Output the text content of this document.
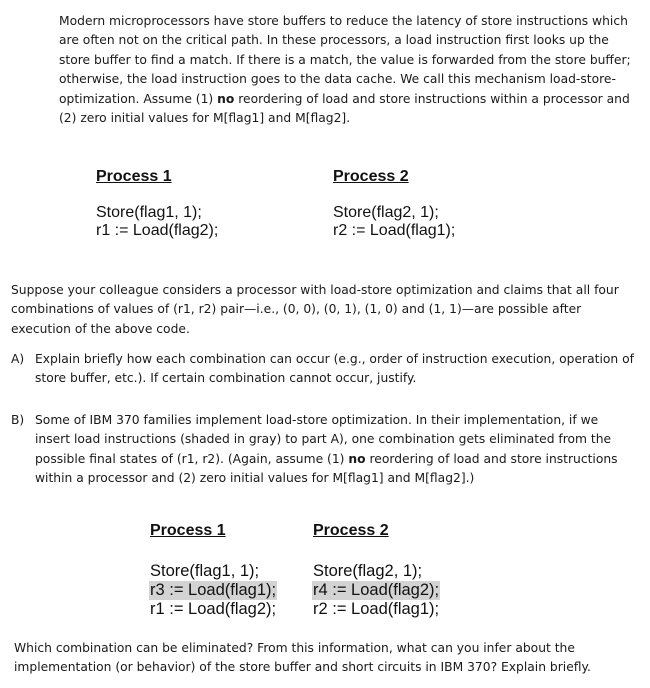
Modern microprocessors have store buffers to reduce the latency of store instructions which are often not on the critical path. In these processors, a load instruction first looks up the store buffer to find a match. If there is a match, the value is forwarded from the store buffer; otherwise, the load instruction goes to the data cache. We call this mechanism load-store-optimization. Assume (1) no reordering of load and store instructions within a processor and (2) zero initial values for M[flag1] and M[flag2].

Process 1
Store(flag1, 1);
r1 := Load(flag2);
Process 2
Store(flag2, 1);
r2 := Load(flag1);

Suppose your colleague considers a processor with load-store optimization and claims that all four combinations of values of (r1, r2) pair—i.e., (0, 0), (0, 1), (1, 0) and (1, 1)—are possible after execution of the above code.

A) Explain briefly how each combination can occur (e.g., order of instruction execution, operation of store buffer, etc.). If certain combination cannot occur, justify.
B) Some of IBM 370 families implement load-store optimization. In their implementation, if we insert load instructions (shaded in gray) to part A), one combination gets eliminated from the possible final states of (r1, r2). (Again, assume (1) no reordering of load and store instructions within a processor and (2) zero initial values for M[flag1] and M[flag2].)
Process 1
Store(flag1, 1);
r3 := Load(flag1);
r1 := Load(flag2);
Process 2
Store(flag2, 1);
r4 := Load(flag2);
r2 := Load(flag1);

Which combination can be eliminated? From this information, what can you infer about the implementation (or behavior) of the store buffer and short circuits in IBM 370? Explain briefly.
